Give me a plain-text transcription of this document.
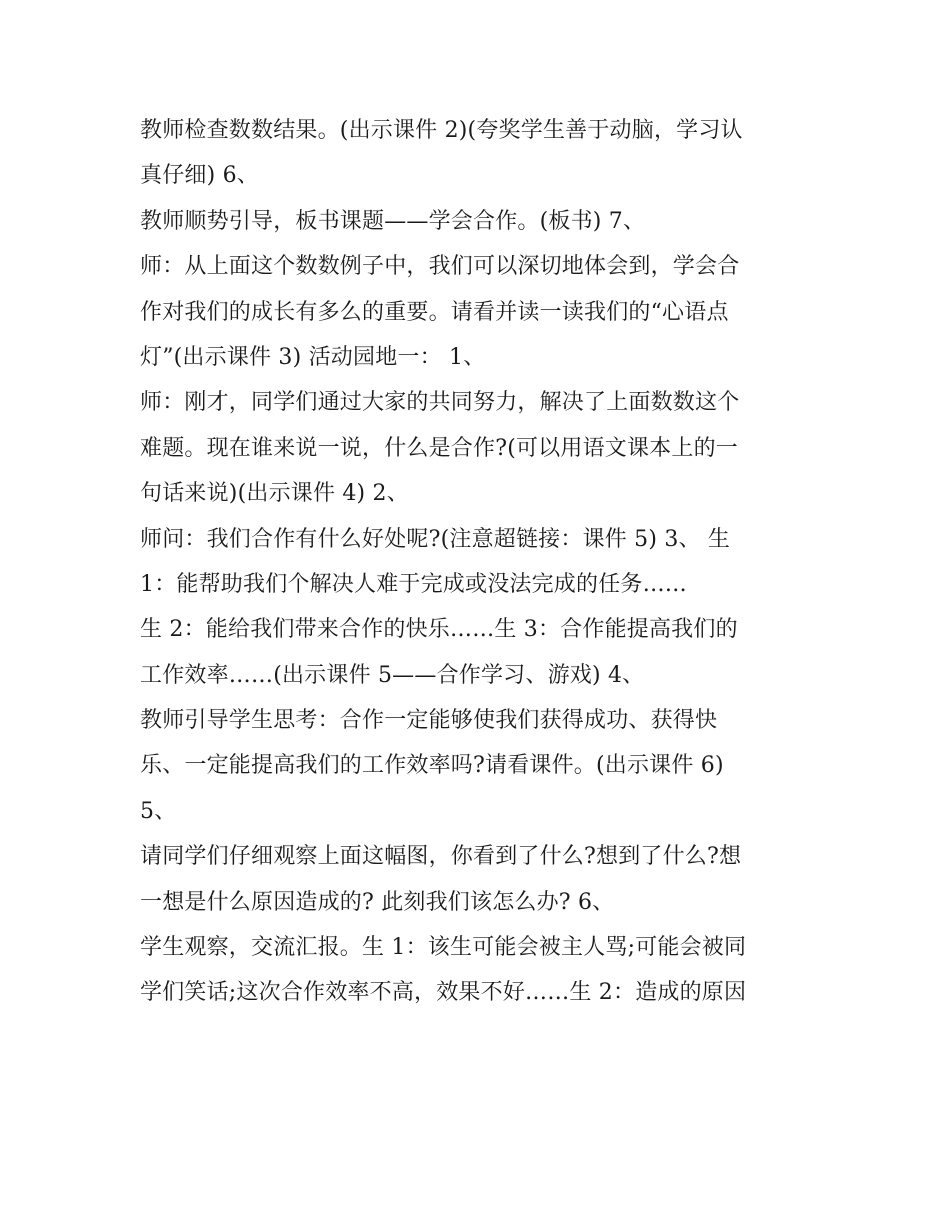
教师检查数数结果。(出示课件 2)(夸奖学生善于动脑，学习认
真仔细) 6、
教师顺势引导，板书课题——学会合作。(板书) 7、
师：从上面这个数数例子中，我们可以深切地体会到，学会合
作对我们的成长有多么的重要。请看并读一读我们的“心语点
灯”(出示课件 3) 活动园地一： 1、
师：刚才，同学们通过大家的共同努力，解决了上面数数这个
难题。现在谁来说一说，什么是合作?(可以用语文课本上的一
句话来说)(出示课件 4) 2、
师问：我们合作有什么好处呢?(注意超链接：课件 5) 3、 生
1：能帮助我们个解决人难于完成或没法完成的任务……
生 2：能给我们带来合作的快乐……生 3：合作能提高我们的
工作效率……(出示课件 5——合作学习、游戏) 4、
教师引导学生思考：合作一定能够使我们获得成功、获得快
乐、一定能提高我们的工作效率吗?请看课件。(出示课件 6)
5、
请同学们仔细观察上面这幅图，你看到了什么?想到了什么?想
一想是什么原因造成的? 此刻我们该怎么办? 6、
学生观察，交流汇报。生 1：该生可能会被主人骂;可能会被同
学们笑话;这次合作效率不高，效果不好……生 2：造成的原因
